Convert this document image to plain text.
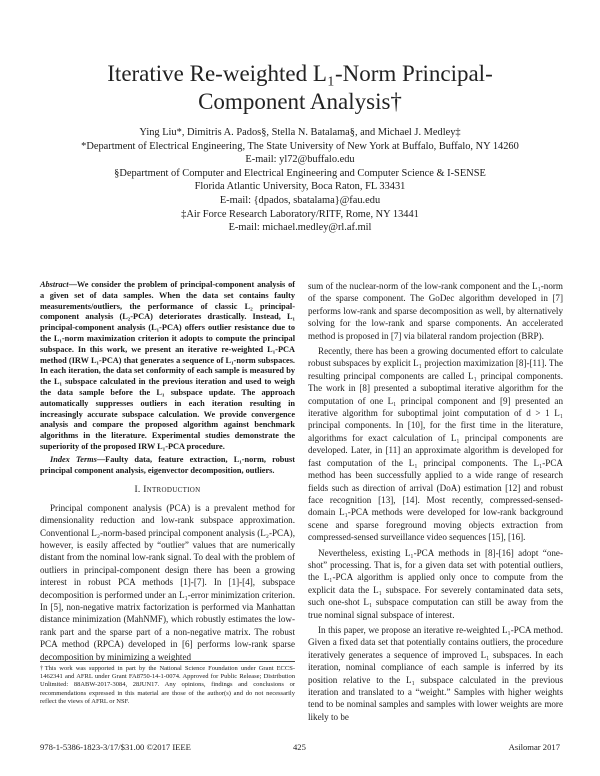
Iterative Re-weighted L₁-Norm Principal-
Component Analysis†
Ying Liu*, Dimitris A. Pados§, Stella N. Batalama§, and Michael J. Medley‡
*Department of Electrical Engineering, The State University of New York at Buffalo, Buffalo, NY 14260
E-mail: yl72@buffalo.edu
§Department of Computer and Electrical Engineering and Computer Science & I-SENSE
Florida Atlantic University, Boca Raton, FL 33431
E-mail: {dpados, sbatalama}@fau.edu
‡Air Force Research Laboratory/RITF, Rome, NY 13441
E-mail: michael.medley@rl.af.mil
Abstract—We consider the problem of principal-component analysis of a given set of data samples. When the data set contains faulty measurements/outliers, the performance of classic L₂ principal-component analysis (L₂-PCA) deteriorates drastically. Instead, L₁ principal-component analysis (L₁-PCA) offers outlier resistance due to the L₁-norm maximization criterion it adopts to compute the principal subspace. In this work, we present an iterative re-weighted L₁-PCA method (IRW L₁-PCA) that generates a sequence of L₁-norm subspaces. In each iteration, the data set conformity of each sample is measured by the L₁ subspace calculated in the previous iteration and used to weigh the data sample before the L₁ subspace update. The approach automatically suppresses outliers in each iteration resulting in increasingly accurate subspace calculation. We provide convergence analysis and compare the proposed algorithm against benchmark algorithms in the literature. Experimental studies demonstrate the superiority of the proposed IRW L₁-PCA procedure.
Index Terms—Faulty data, feature extraction, L₁-norm, robust principal component analysis, eigenvector decomposition, outliers.
I. Introduction

Principal component analysis (PCA) is a prevalent method for dimensionality reduction and low-rank subspace approximation. Conventional L₂-norm-based principal component analysis (L₂-PCA), however, is easily affected by “outlier” values that are numerically distant from the nominal low-rank signal. To deal with the problem of outliers in principal-component design there has been a growing interest in robust PCA methods [1]-[7]. In [1]-[4], subspace decomposition is performed under an L₁-error minimization criterion. In [5], non-negative matrix factorization is performed via Manhattan distance minimization (MahNMF), which robustly estimates the low-rank part and the sparse part of a non-negative matrix. The robust PCA method (RPCA) developed in [6] performs low-rank sparse decomposition by minimizing a weighted

†This work was supported in part by the National Science Foundation under Grant ECCS-1462341 and AFRL under Grant FA8750-14-1-0074. Approved for Public Release; Distribution Unlimited: 88ABW-2017-3084, 28JUN17. Any opinions, findings and conclusions or recommendations expressed in this material are those of the author(s) and do not necessarily reflect the views of AFRL or NSF.

sum of the nuclear-norm of the low-rank component and the L₁-norm of the sparse component. The GoDec algorithm developed in [7] performs low-rank and sparse decomposition as well, by alternatively solving for the low-rank and sparse components. An accelerated method is proposed in [7] via bilateral random projection (BRP).

Recently, there has been a growing documented effort to calculate robust subspaces by explicit L₁ projection maximization [8]-[11]. The resulting principal components are called L₁ principal components. The work in [8] presented a suboptimal iterative algorithm for the computation of one L₁ principal component and [9] presented an iterative algorithm for suboptimal joint computation of d > 1 L₁ principal components. In [10], for the first time in the literature, algorithms for exact calculation of L₁ principal components are developed. Later, in [11] an approximate algorithm is developed for fast computation of the L₁ principal components. The L₁-PCA method has been successfully applied to a wide range of research fields such as direction of arrival (DoA) estimation [12] and robust face recognition [13], [14]. Most recently, compressed-sensed-domain L₁-PCA methods were developed for low-rank background scene and sparse foreground moving objects extraction from compressed-sensed surveillance video sequences [15], [16].

Nevertheless, existing L₁-PCA methods in [8]-[16] adopt “one-shot” processing. That is, for a given data set with potential outliers, the L₁-PCA algorithm is applied only once to compute from the explicit data the L₁ subspace. For severely contaminated data sets, such one-shot L₁ subspace computation can still be away from the true nominal signal subspace of interest.

In this paper, we propose an iterative re-weighted L₁-PCA method. Given a fixed data set that potentially contains outliers, the procedure iteratively generates a sequence of improved L₁ subspaces. In each iteration, nominal compliance of each sample is inferred by its position relative to the L₁ subspace calculated in the previous iteration and translated to a “weight.” Samples with higher weights tend to be nominal samples and samples with lower weights are more likely to be

978-1-5386-1823-3/17/$31.00 ©2017 IEEE	425	Asilomar 2017
